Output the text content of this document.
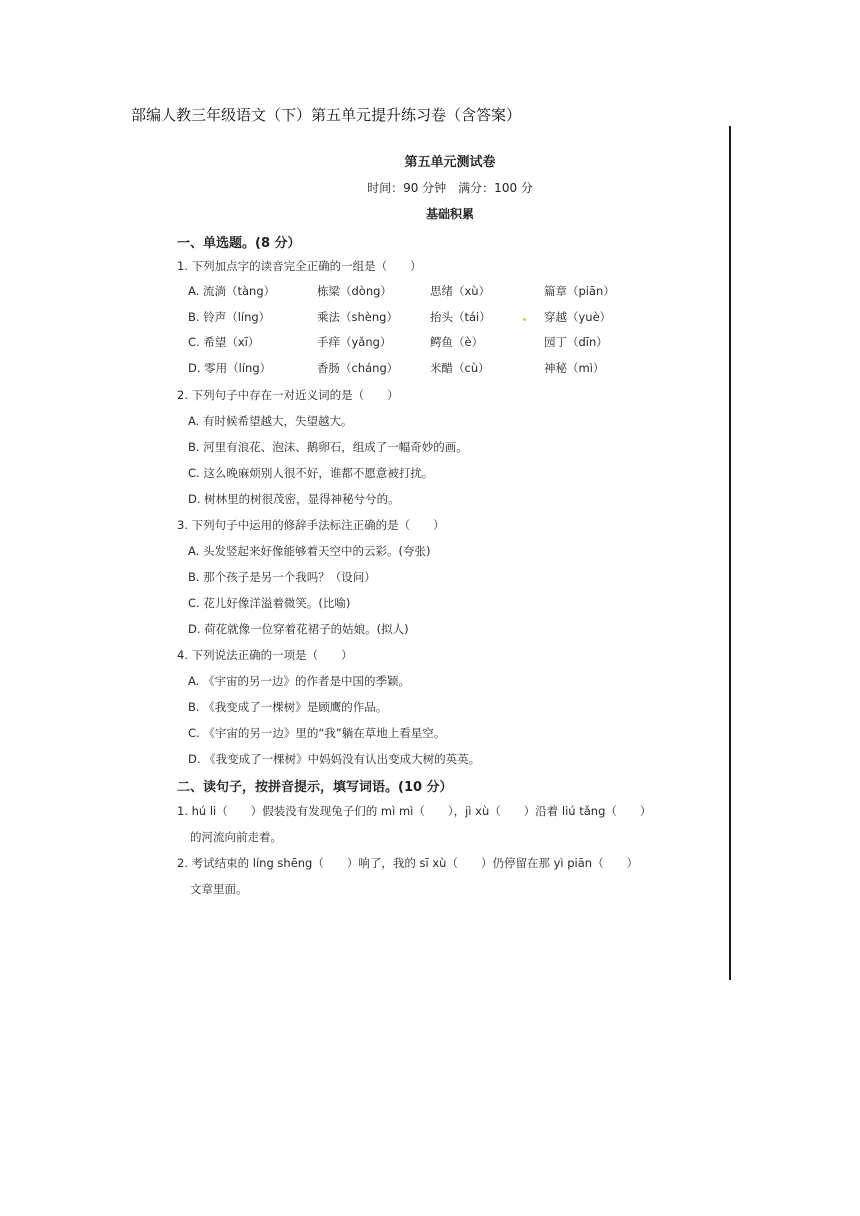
部编人教三年级语文（下）第五单元提升练习卷（含答案）
第五单元测试卷
时间：90 分钟　满分：100 分
基础积累
一、单选题。(8 分）
1. 下列加点字的读音完全正确的一组是（　　）
A. 流淌（tàng）	栋梁（dòng）	思绪（xù）	篇章（piān）
B. 铃声（líng）	乘法（shèng）	抬头（tái）	穿越（yuè）
C. 希望（xī）	手痒（yǎng）	鳄鱼（è）	园丁（dīn）
D. 零用（líng）	香肠（cháng）	米醋（cù）	神秘（mì）
2. 下列句子中存在一对近义词的是（　　）
A. 有时候希望越大，失望越大。
B. 河里有浪花、泡沫、鹅卵石，组成了一幅奇妙的画。
C. 这么晚麻烦别人很不好，谁都不愿意被打扰。
D. 树林里的树很茂密，显得神秘兮兮的。
3. 下列句子中运用的修辞手法标注正确的是（　　）
A. 头发竖起来好像能够着天空中的云彩。(夸张)
B. 那个孩子是另一个我吗？（设问）
C. 花儿好像洋溢着微笑。(比喻)
D. 荷花就像一位穿着花裙子的姑娘。(拟人)
4. 下列说法正确的一项是（　　）
A. 《宇宙的另一边》的作者是中国的季颖。
B. 《我变成了一棵树》是顾鹰的作品。
C. 《宇宙的另一边》里的“我”躺在草地上看星空。
D. 《我变成了一棵树》中妈妈没有认出变成大树的英英。
二、读句子，按拼音提示，填写词语。(10 分）
1. hú li（　　）假装没有发现兔子们的 mì mì（　　），jì xù（　　）沿着 liú tǎng（　　）
的河流向前走着。
2. 考试结束的 líng shēng（　　）响了，我的 sī xù（　　）仍停留在那 yì piān（　　）
文章里面。
